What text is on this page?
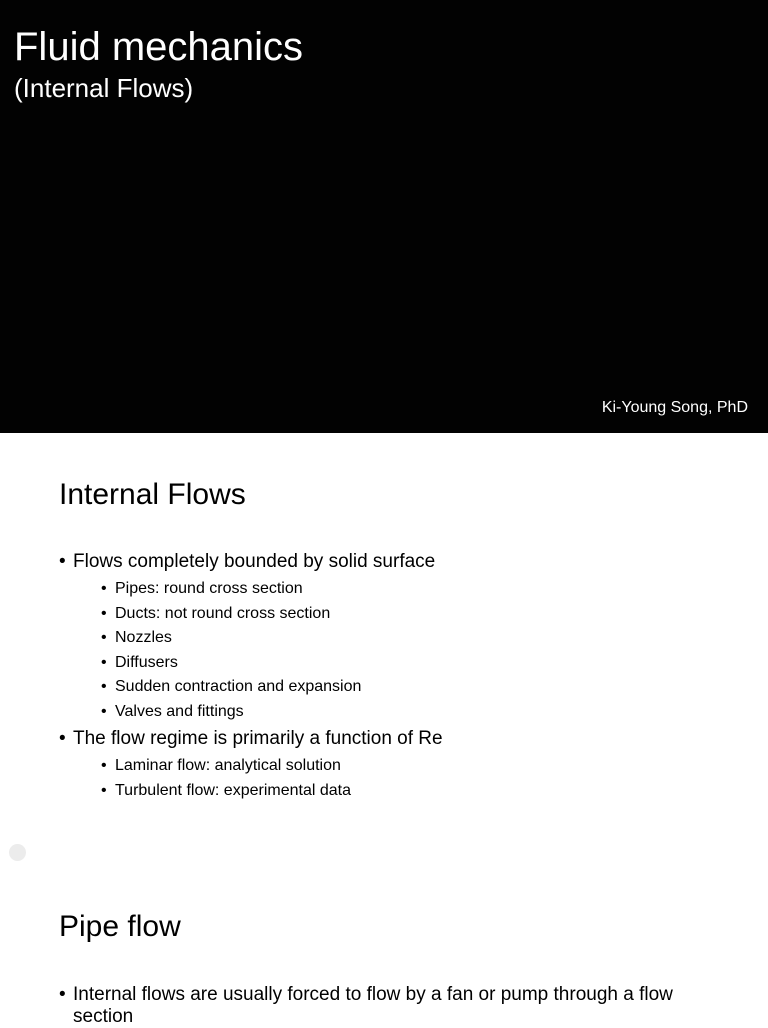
Fluid mechanics

(Internal Flows)

Ki-Young Song, PhD

Internal Flows
• Flows completely bounded by solid surface
• Pipes: round cross section
• Ducts: not round cross section
• Nozzles
• Diffusers
• Sudden contraction and expansion
• Valves and fittings
• The flow regime is primarily a function of Re
• Laminar flow: analytical solution
• Turbulent flow: experimental data
Pipe flow
• Internal flows are usually forced to flow by a fan or pump through a flow section
